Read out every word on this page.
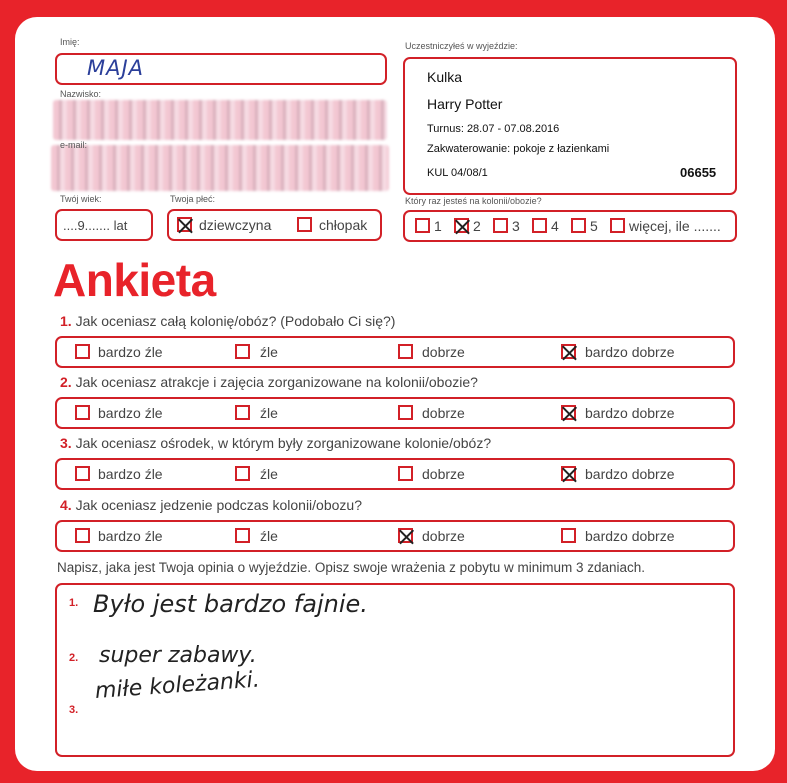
Imię:
MAJA
Nazwisko:
e-mail:
Twój wiek:
....9....... lat
Twoja płeć:
dziewczyna	chłopak
Uczestniczyłeś w wyjeździe:
Kulka
Harry Potter
Turnus: 28.07 - 07.08.2016
Zakwaterowanie: pokoje z łazienkami
KUL 04/08/1	06655
Który raz jesteś na kolonii/obozie?
1 2 3 4 5 więcej, ile .......
Ankieta
1. Jak oceniasz całą kolonię/obóz? (Podobało Ci się?)
bardzo źle	źle	dobrze	bardzo dobrze
2. Jak oceniasz atrakcje i zajęcia zorganizowane na kolonii/obozie?
bardzo źle	źle	dobrze	bardzo dobrze
3. Jak oceniasz ośrodek, w którym były zorganizowane kolonie/obóz?
bardzo źle	źle	dobrze	bardzo dobrze
4. Jak oceniasz jedzenie podczas kolonii/obozu?
bardzo źle	źle	dobrze	bardzo dobrze
Napisz, jaka jest Twoja opinia o wyjeździe. Opisz swoje wrażenia z pobytu w minimum 3 zdaniach.
1.
2.
3.
Było jest bardzo fajnie.
super zabawy.
miłe koleżanki.
